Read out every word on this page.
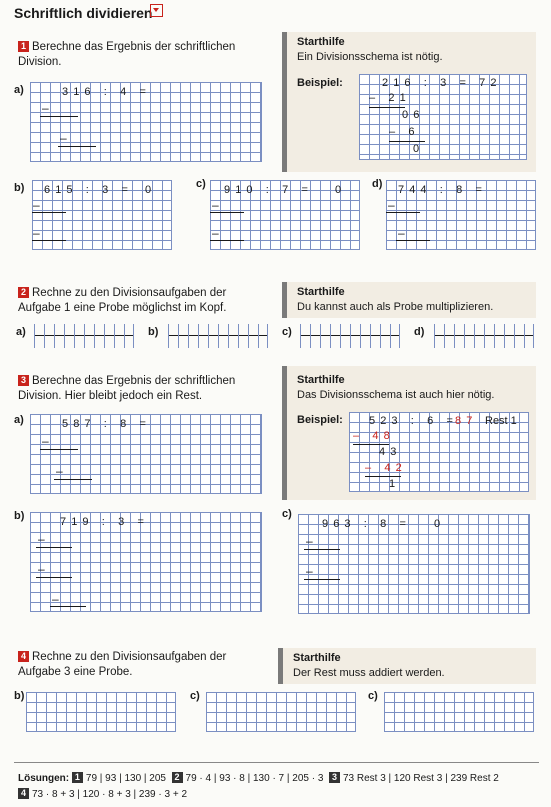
Schriftlich dividieren
1 Berechne das Ergebnis der schriftlichen
Division.
a)	316 : 4 =
–
–
Starthilfe
Ein Divisionsschema ist nötig.
Beispiel:	216 : 3 = 72
– 21
06
– 6
0
b) 615 : 3 = 0
–
–
c) 910 : 7 = 0
–
–
d) 744 : 8 =
–
–
2 Rechne zu den Divisionsaufgaben der
Aufgabe 1 eine Probe möglichst im Kopf.
Starthilfe
Du kannst auch als Probe multiplizieren.
a)	b)	c)	d)
3 Berechne das Ergebnis der schriftlichen
Division. Hier bleibt jedoch ein Rest.
a)	587 : 8 =
–
–
Starthilfe
Das Divisionsschema ist auch hier nötig.
Beispiel: 523 : 6 =
87 Rest 1
– 48
43
– 42
1
b)	719 : 3 =
–
–
–
c)
963 : 8 = 0
–
–
4 Rechne zu den Divisionsaufgaben der
Aufgabe 3 eine Probe.
Starthilfe
Der Rest muss addiert werden.
b)	c)	c)
Lösungen: 1 79 | 93 | 130 | 205 2 79 · 4 | 93 · 8 | 130 · 7 | 205 · 3 3 73 Rest 3 | 120 Rest 3 | 239 Rest 2
4 73 · 8 + 3 | 120 · 8 + 3 | 239 · 3 + 2
